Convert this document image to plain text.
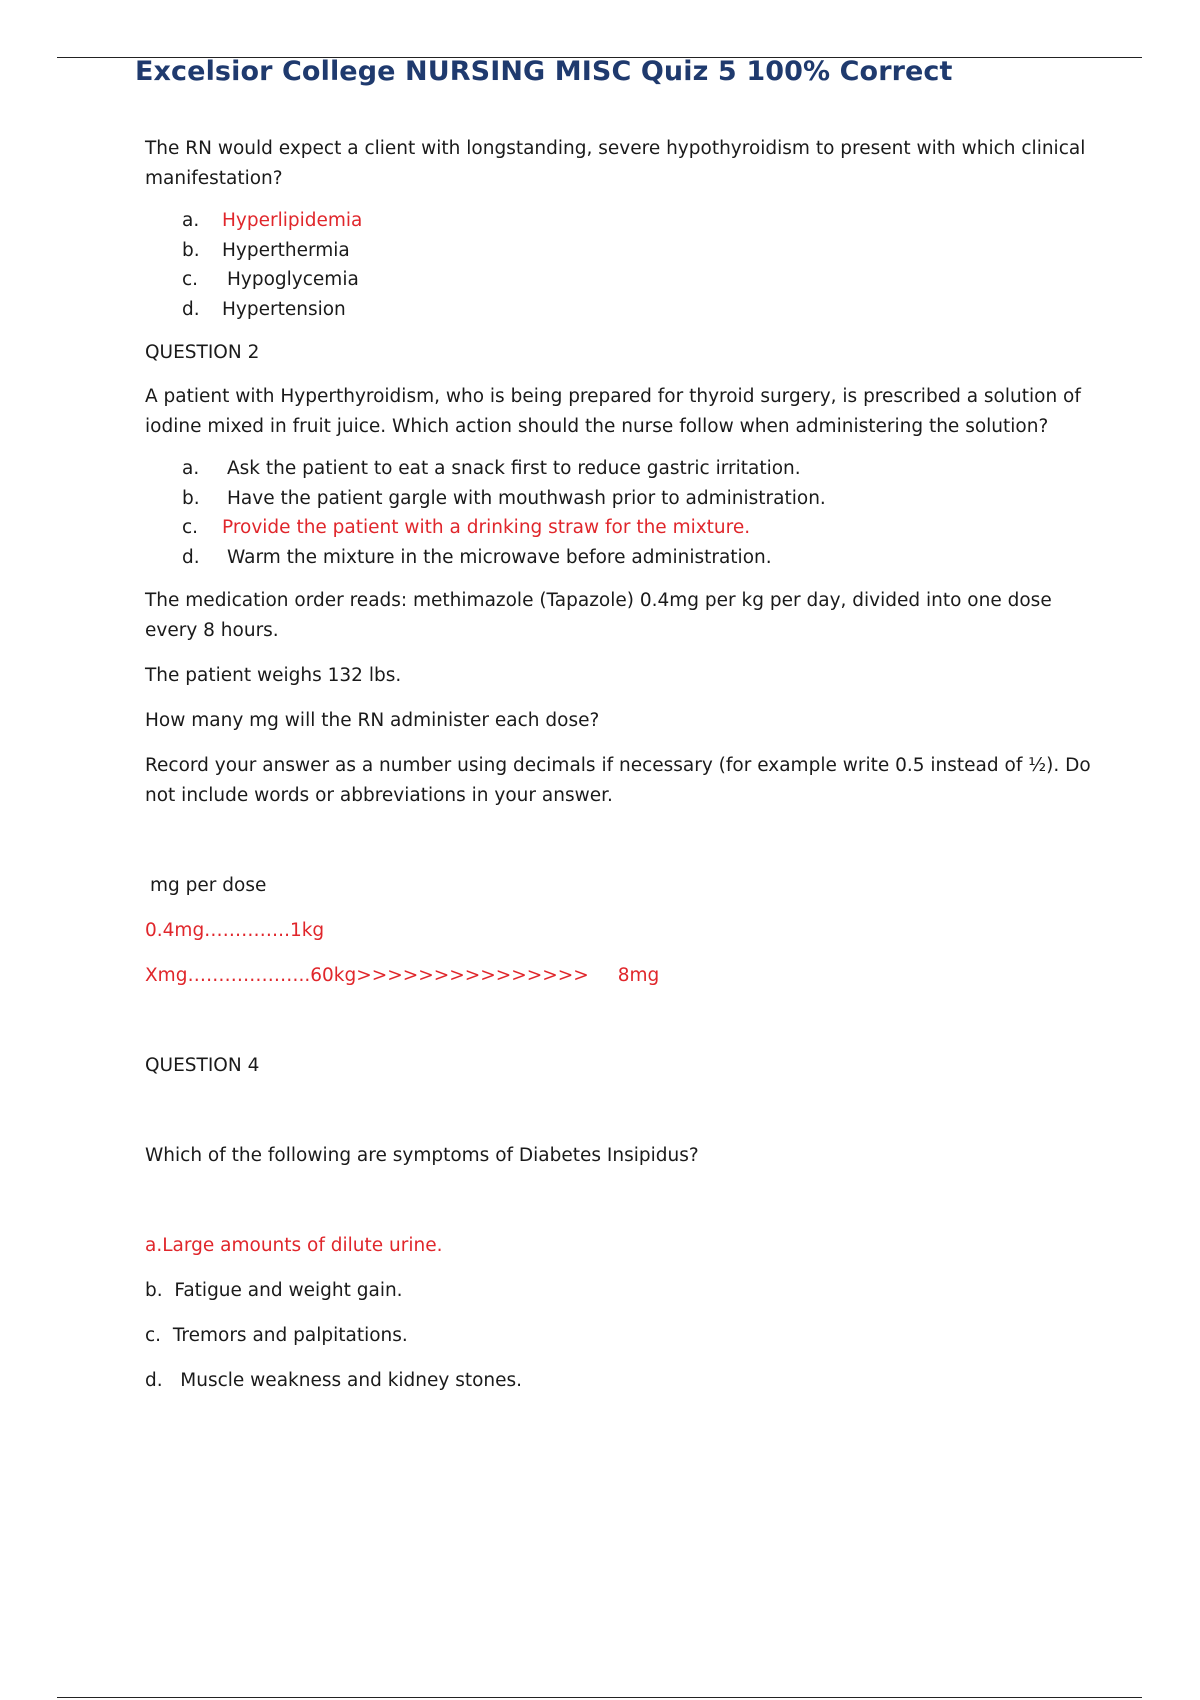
Excelsior College NURSING MISC Quiz 5 100% Correct

The RN would expect a client with longstanding, severe hypothyroidism to present with which clinical manifestation?

a.	Hyperlipidemia
b.	Hyperthermia
c.	Hypoglycemia
d.	Hypertension

QUESTION 2

A patient with Hyperthyroidism, who is being prepared for thyroid surgery, is prescribed a solution of iodine mixed in fruit juice. Which action should the nurse follow when administering the solution?

a.	Ask the patient to eat a snack first to reduce gastric irritation.
b.	Have the patient gargle with mouthwash prior to administration.
c.	Provide the patient with a drinking straw for the mixture.
d.	Warm the mixture in the microwave before administration.

The medication order reads: methimazole (Tapazole) 0.4mg per kg per day, divided into one dose every 8 hours.

The patient weighs 132 lbs.

How many mg will the RN administer each dose?

Record your answer as a number using decimals if necessary (for example write 0.5 instead of ½). Do not include words or abbreviations in your answer.

mg per dose

0.4mg…………..1kg

Xmg………………..60kg>>>>>>>>>>>>>>> 8mg

QUESTION 4

Which of the following are symptoms of Diabetes Insipidus?

a.Large amounts of dilute urine.

b. Fatigue and weight gain.

c. Tremors and palpitations.

d. Muscle weakness and kidney stones.
